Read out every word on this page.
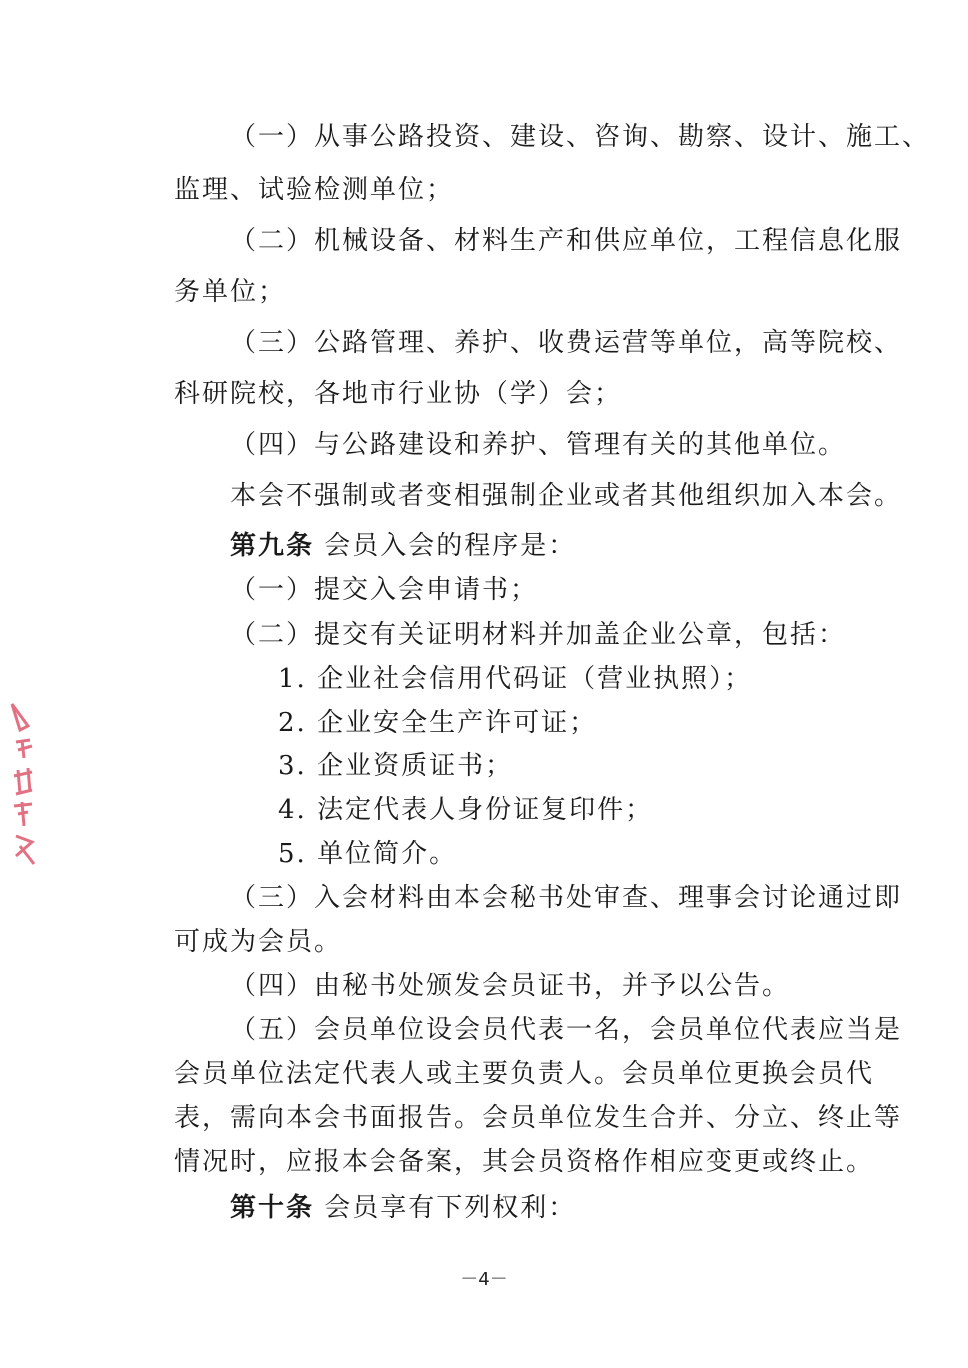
（一）从事公路投资、建设、咨询、勘察、设计、施工、
监理、试验检测单位；
（二）机械设备、材料生产和供应单位，工程信息化服
务单位；
（三）公路管理、养护、收费运营等单位，高等院校、
科研院校，各地市行业协（学）会；
（四）与公路建设和养护、管理有关的其他单位。
本会不强制或者变相强制企业或者其他组织加入本会。
第九条 会员入会的程序是：
（一）提交入会申请书；
（二）提交有关证明材料并加盖企业公章，包括：
1. 企业社会信用代码证（营业执照）；
2. 企业安全生产许可证；
3. 企业资质证书；
4. 法定代表人身份证复印件；
5. 单位简介。
（三）入会材料由本会秘书处审查、理事会讨论通过即
可成为会员。
（四）由秘书处颁发会员证书，并予以公告。
（五）会员单位设会员代表一名，会员单位代表应当是
会员单位法定代表人或主要负责人。会员单位更换会员代
表，需向本会书面报告。会员单位发生合并、分立、终止等
情况时，应报本会备案，其会员资格作相应变更或终止。
第十条 会员享有下列权利：
－4－
